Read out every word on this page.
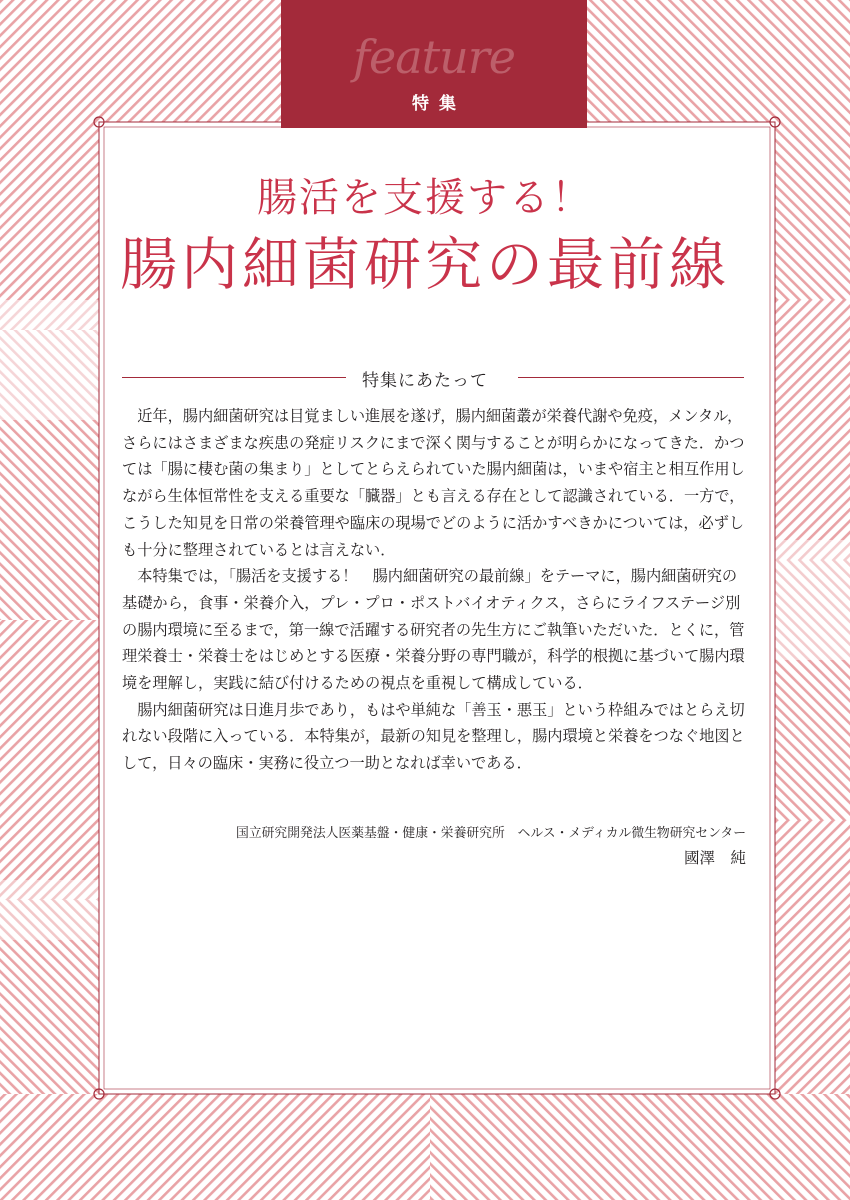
feature
特集
腸活を支援する！
腸内細菌研究の最前線
特集にあたって

近年，腸内細菌研究は目覚ましい進展を遂げ，腸内細菌叢が栄養代謝や免疫，メンタル，さらにはさまざまな疾患の発症リスクにまで深く関与することが明らかになってきた．かつては「腸に棲む菌の集まり」としてとらえられていた腸内細菌は，いまや宿主と相互作用しながら生体恒常性を支える重要な「臓器」とも言える存在として認識されている．一方で，こうした知見を日常の栄養管理や臨床の現場でどのように活かすべきかについては，必ずしも十分に整理されているとは言えない．

本特集では，「腸活を支援する！　腸内細菌研究の最前線」をテーマに，腸内細菌研究の基礎から，食事・栄養介入，プレ・プロ・ポストバイオティクス，さらにライフステージ別の腸内環境に至るまで，第一線で活躍する研究者の先生方にご執筆いただいた．とくに，管理栄養士・栄養士をはじめとする医療・栄養分野の専門職が，科学的根拠に基づいて腸内環境を理解し，実践に結び付けるための視点を重視して構成している．

腸内細菌研究は日進月歩であり，もはや単純な「善玉・悪玉」という枠組みではとらえ切れない段階に入っている．本特集が，最新の知見を整理し，腸内環境と栄養をつなぐ地図として，日々の臨床・実務に役立つ一助となれば幸いである．

国立研究開発法人医薬基盤・健康・栄養研究所　ヘルス・メディカル微生物研究センター
國澤　純
